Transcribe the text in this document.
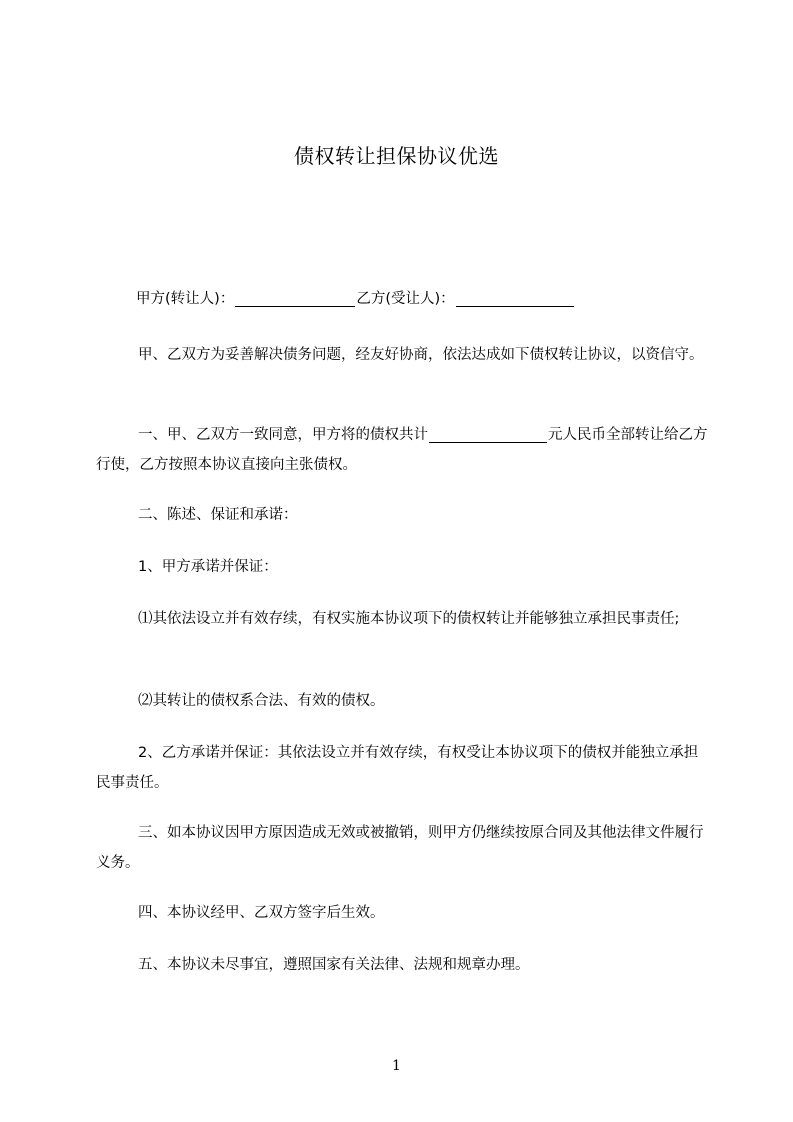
债权转让担保协议优选

甲方(转让人)：	乙方(受让人)：

甲、乙双方为妥善解决债务问题，经友好协商，依法达成如下债权转让协议，以资信守。

一、甲、乙双方一致同意，甲方将的债权共计	元人民币全部转让给乙方行使，乙方按照本协议直接向主张债权。

二、陈述、保证和承诺：

1、甲方承诺并保证：

⑴其依法设立并有效存续，有权实施本协议项下的债权转让并能够独立承担民事责任;

⑵其转让的债权系合法、有效的债权。

2、乙方承诺并保证：其依法设立并有效存续，有权受让本协议项下的债权并能独立承担民事责任。

三、如本协议因甲方原因造成无效或被撤销，则甲方仍继续按原合同及其他法律文件履行义务。

四、本协议经甲、乙双方签字后生效。

五、本协议未尽事宜，遵照国家有关法律、法规和规章办理。

1
